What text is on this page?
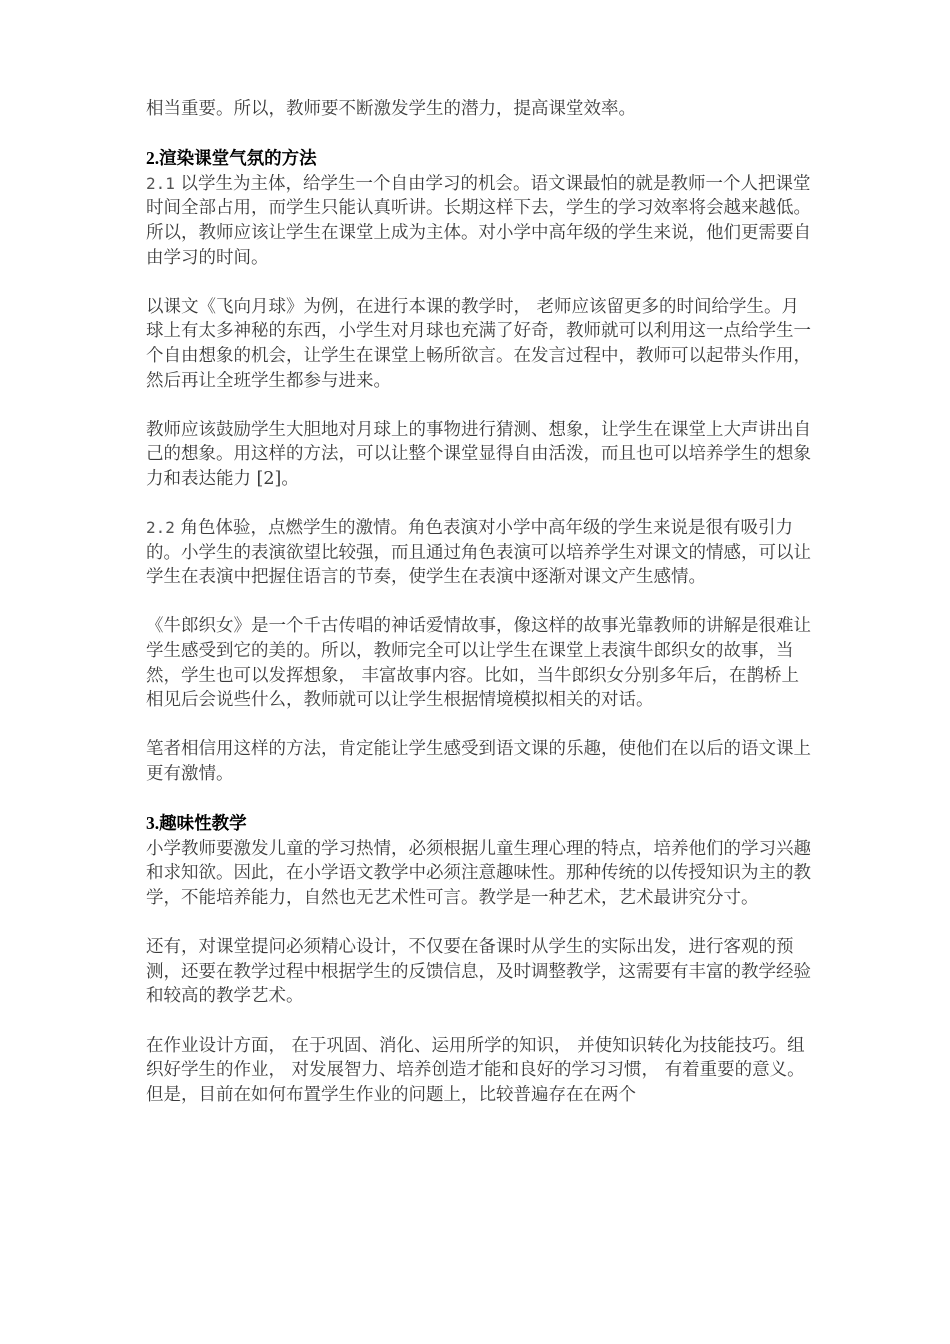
相当重要。所以，教师要不断激发学生的潜力，提高课堂效率。

2.渲染课堂气氛的方法

2.1 以学生为主体，给学生一个自由学习的机会。语文课最怕的就是教师一个人把课堂时间全部占用，而学生只能认真听讲。长期这样下去，学生的学习效率将会越来越低。所以，教师应该让学生在课堂上成为主体。对小学中高年级的学生来说，他们更需要自由学习的时间。

以课文《飞向月球》为例，在进行本课的教学时， 老师应该留更多的时间给学生。月球上有太多神秘的东西，小学生对月球也充满了好奇，教师就可以利用这一点给学生一个自由想象的机会，让学生在课堂上畅所欲言。在发言过程中，教师可以起带头作用，然后再让全班学生都参与进来。

教师应该鼓励学生大胆地对月球上的事物进行猜测、想象，让学生在课堂上大声讲出自己的想象。用这样的方法，可以让整个课堂显得自由活泼，而且也可以培养学生的想象力和表达能力 [2]。

2.2 角色体验，点燃学生的激情。角色表演对小学中高年级的学生来说是很有吸引力的。小学生的表演欲望比较强，而且通过角色表演可以培养学生对课文的情感，可以让学生在表演中把握住语言的节奏，使学生在表演中逐渐对课文产生感情。

《牛郎织女》是一个千古传唱的神话爱情故事，像这样的故事光靠教师的讲解是很难让学生感受到它的美的。所以，教师完全可以让学生在课堂上表演牛郎织女的故事，当然，学生也可以发挥想象， 丰富故事内容。比如，当牛郎织女分别多年后，在鹊桥上相见后会说些什么，教师就可以让学生根据情境模拟相关的对话。

笔者相信用这样的方法，肯定能让学生感受到语文课的乐趣，使他们在以后的语文课上更有激情。

3.趣味性教学

小学教师要激发儿童的学习热情，必须根据儿童生理心理的特点，培养他们的学习兴趣和求知欲。因此，在小学语文教学中必须注意趣味性。那种传统的以传授知识为主的教学，不能培养能力，自然也无艺术性可言。教学是一种艺术，艺术最讲究分寸。

还有，对课堂提问必须精心设计，不仅要在备课时从学生的实际出发，进行客观的预测，还要在教学过程中根据学生的反馈信息，及时调整教学，这需要有丰富的教学经验和较高的教学艺术。

在作业设计方面， 在于巩固、消化、运用所学的知识， 并使知识转化为技能技巧。组织好学生的作业， 对发展智力、培养创造才能和良好的学习习惯， 有着重要的意义。但是，目前在如何布置学生作业的问题上，比较普遍存在在两个
